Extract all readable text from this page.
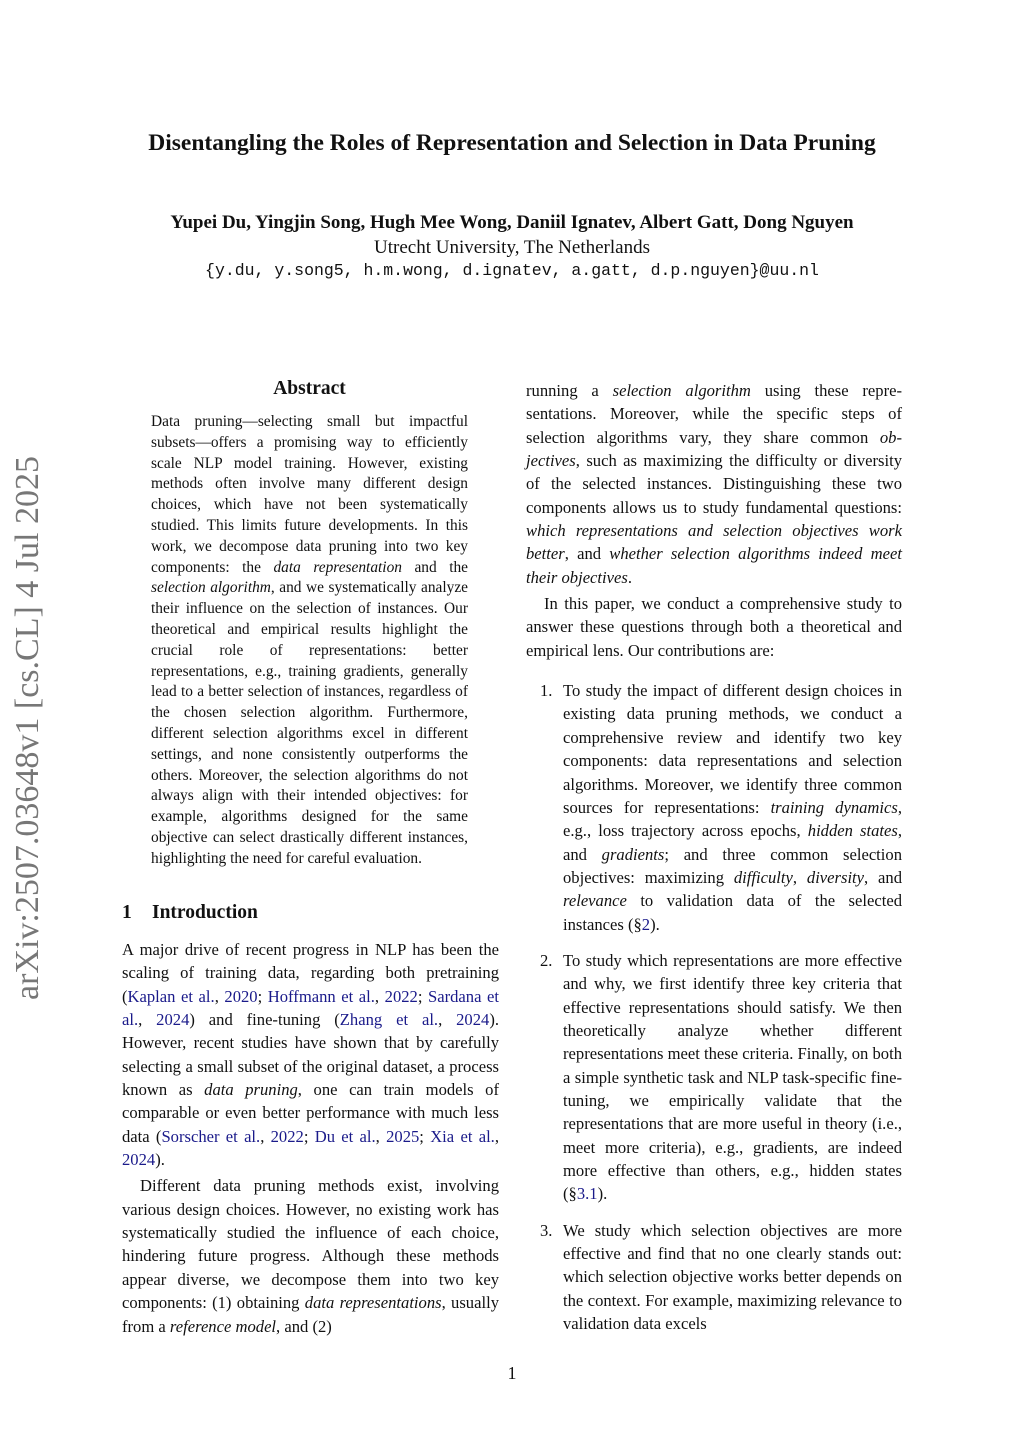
Disentangling the Roles of Representation and Selection in Data Pruning
Yupei Du, Yingjin Song, Hugh Mee Wong, Daniil Ignatev, Albert Gatt, Dong Nguyen
Utrecht University, The Netherlands
{y.du, y.song5, h.m.wong, d.ignatev, a.gatt, d.p.nguyen}@uu.nl
arXiv:2507.03648v1 [cs.CL] 4 Jul 2025
Abstract

Data pruning—selecting small but impactful subsets—offers a promising way to efficiently scale NLP model training. However, existing methods often involve many different design choices, which have not been systematically studied. This limits future developments. In this work, we decompose data pruning into two key components: the data representation and the selection algorithm, and we systematically analyze their influence on the selection of instances. Our theoretical and empirical results highlight the crucial role of representations: better representations, e.g., training gradients, generally lead to a better selection of instances, regardless of the chosen selection algorithm. Furthermore, different selection algorithms excel in different settings, and none consistently outperforms the others. Moreover, the selection algorithms do not always align with their intended objectives: for example, algorithms designed for the same objective can select drastically different instances, highlighting the need for careful evaluation.

1 Introduction

A major drive of recent progress in NLP has been the scaling of training data, regarding both pretraining (Kaplan et al., 2020; Hoffmann et al., 2022; Sardana et al., 2024) and fine-tuning (Zhang et al., 2024). However, recent studies have shown that by carefully selecting a small subset of the original dataset, a process known as data pruning, one can train models of comparable or even better performance with much less data (Sorscher et al., 2022; Du et al., 2025; Xia et al., 2024).

Different data pruning methods exist, involving various design choices. However, no existing work has systematically studied the influence of each choice, hindering future progress. Although these methods appear diverse, we decompose them into two key components: (1) obtaining data representations, usually from a reference model, and (2)

running a selection algorithm using these representations. Moreover, while the specific steps of selection algorithms vary, they share common objectives, such as maximizing the difficulty or diversity of the selected instances. Distinguishing these two components allows us to study fundamental questions: which representations and selection objectives work better, and whether selection algorithms indeed meet their objectives.

In this paper, we conduct a comprehensive study to answer these questions through both a theoretical and empirical lens. Our contributions are:

1. To study the impact of different design choices in existing data pruning methods, we conduct a comprehensive review and identify two key components: data representations and selection algorithms. Moreover, we identify three common sources for representations: training dynamics, e.g., loss trajectory across epochs, hidden states, and gradients; and three common selection objectives: maximizing difficulty, diversity, and relevance to validation data of the selected instances (§2).
2. To study which representations are more effective and why, we first identify three key criteria that effective representations should satisfy. We then theoretically analyze whether different representations meet these criteria. Finally, on both a simple synthetic task and NLP task-specific fine-tuning, we empirically validate that the representations that are more useful in theory (i.e., meet more criteria), e.g., gradients, are indeed more effective than others, e.g., hidden states (§3.1).
3. We study which selection objectives are more effective and find that no one clearly stands out: which selection objective works better depends on the context. For example, maximizing relevance to validation data excels
1
